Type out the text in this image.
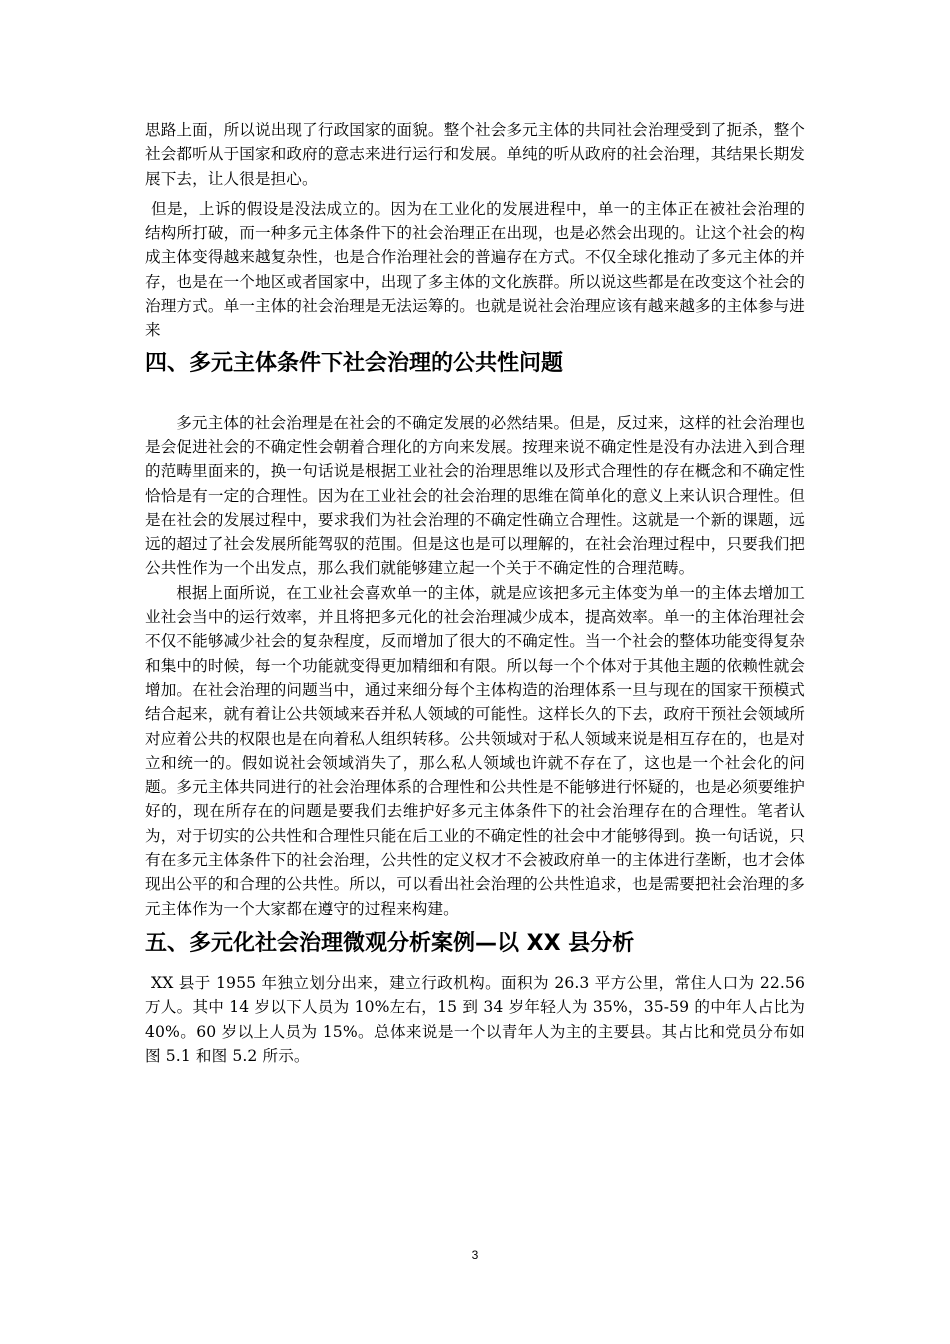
思路上面，所以说出现了行政国家的面貌。整个社会多元主体的共同社会治理受到了扼杀，整个社会都听从于国家和政府的意志来进行运行和发展。单纯的听从政府的社会治理，其结果长期发展下去，让人很是担心。

但是，上诉的假设是没法成立的。因为在工业化的发展进程中，单一的主体正在被社会治理的结构所打破，而一种多元主体条件下的社会治理正在出现，也是必然会出现的。让这个社会的构成主体变得越来越复杂性，也是合作治理社会的普遍存在方式。不仅全球化推动了多元主体的并存，也是在一个地区或者国家中，出现了多主体的文化族群。所以说这些都是在改变这个社会的治理方式。单一主体的社会治理是无法运筹的。也就是说社会治理应该有越来越多的主体参与进来

四、多元主体条件下社会治理的公共性问题

多元主体的社会治理是在社会的不确定发展的必然结果。但是，反过来，这样的社会治理也是会促进社会的不确定性会朝着合理化的方向来发展。按理来说不确定性是没有办法进入到合理的范畴里面来的，换一句话说是根据工业社会的治理思维以及形式合理性的存在概念和不确定性恰恰是有一定的合理性。因为在工业社会的社会治理的思维在简单化的意义上来认识合理性。但是在社会的发展过程中，要求我们为社会治理的不确定性确立合理性。这就是一个新的课题，远远的超过了社会发展所能驾驭的范围。但是这也是可以理解的，在社会治理过程中，只要我们把公共性作为一个出发点，那么我们就能够建立起一个关于不确定性的合理范畴。

根据上面所说，在工业社会喜欢单一的主体，就是应该把多元主体变为单一的主体去增加工业社会当中的运行效率，并且将把多元化的社会治理减少成本，提高效率。单一的主体治理社会不仅不能够减少社会的复杂程度，反而增加了很大的不确定性。当一个社会的整体功能变得复杂和集中的时候，每一个功能就变得更加精细和有限。所以每一个个体对于其他主题的依赖性就会增加。在社会治理的问题当中，通过来细分每个主体构造的治理体系一旦与现在的国家干预模式结合起来，就有着让公共领域来吞并私人领域的可能性。这样长久的下去，政府干预社会领域所对应着公共的权限也是在向着私人组织转移。公共领域对于私人领域来说是相互存在的，也是对立和统一的。假如说社会领域消失了，那么私人领域也许就不存在了，这也是一个社会化的问题。多元主体共同进行的社会治理体系的合理性和公共性是不能够进行怀疑的，也是必须要维护好的，现在所存在的问题是要我们去维护好多元主体条件下的社会治理存在的合理性。笔者认为，对于切实的公共性和合理性只能在后工业的不确定性的社会中才能够得到。换一句话说，只有在多元主体条件下的社会治理，公共性的定义权才不会被政府单一的主体进行垄断，也才会体现出公平的和合理的公共性。所以，可以看出社会治理的公共性追求，也是需要把社会治理的多元主体作为一个大家都在遵守的过程来构建。

五、多元化社会治理微观分析案例—以 XX 县分析

XX 县于 1955 年独立划分出来，建立行政机构。面积为 26.3 平方公里，常住人口为 22.56 万人。其中 14 岁以下人员为 10%左右，15 到 34 岁年轻人为 35%，35-59 的中年人占比为 40%。60 岁以上人员为 15%。总体来说是一个以青年人为主的主要县。其占比和党员分布如图 5.1 和图 5.2 所示。

3
